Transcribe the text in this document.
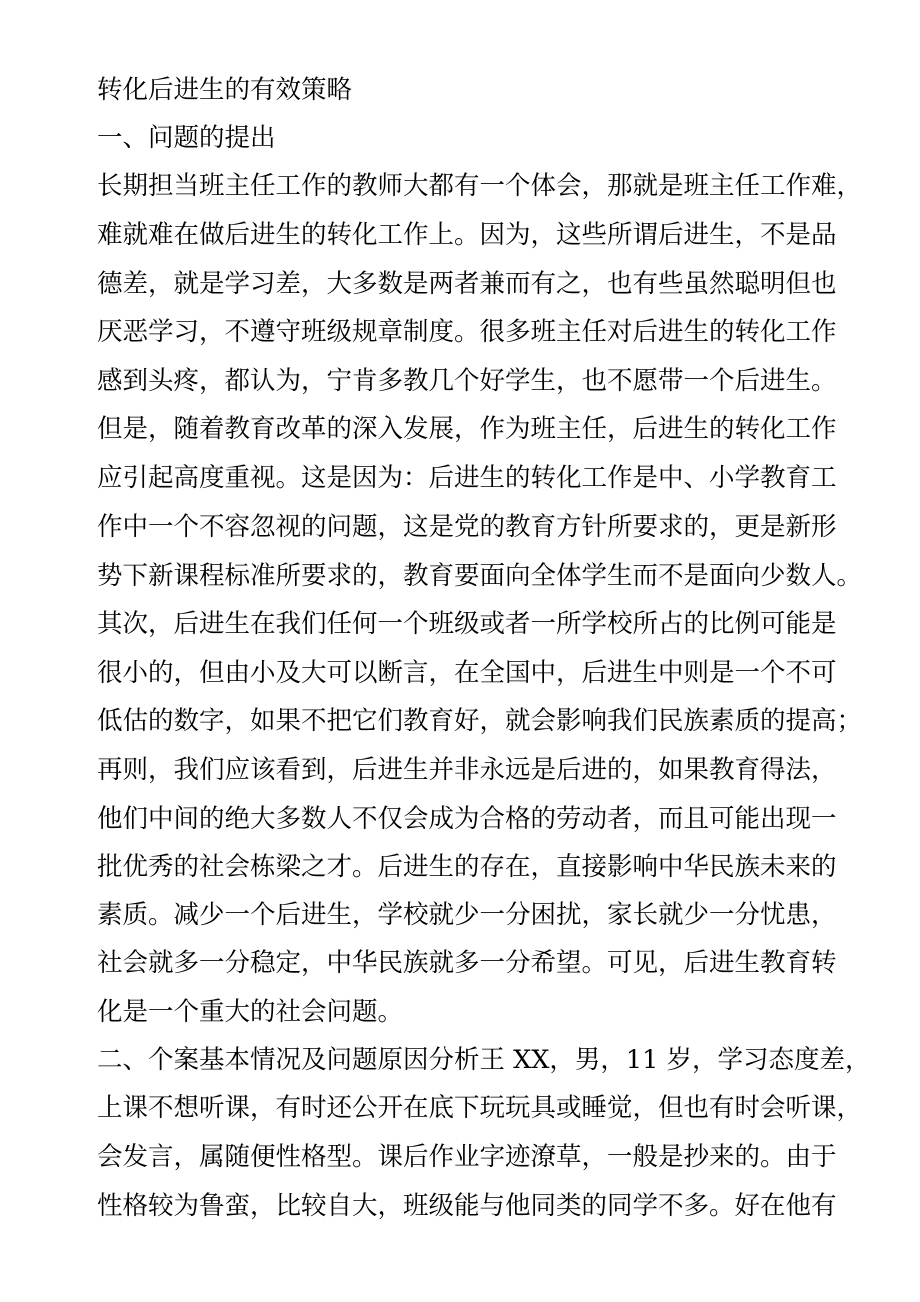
转化后进生的有效策略
一、问题的提出
长期担当班主任工作的教师大都有一个体会，那就是班主任工作难，
难就难在做后进生的转化工作上。因为，这些所谓后进生，不是品
德差，就是学习差，大多数是两者兼而有之，也有些虽然聪明但也
厌恶学习，不遵守班级规章制度。很多班主任对后进生的转化工作
感到头疼，都认为，宁肯多教几个好学生，也不愿带一个后进生。
但是，随着教育改革的深入发展，作为班主任，后进生的转化工作
应引起高度重视。这是因为：后进生的转化工作是中、小学教育工
作中一个不容忽视的问题，这是党的教育方针所要求的，更是新形
势下新课程标准所要求的，教育要面向全体学生而不是面向少数人。
其次，后进生在我们任何一个班级或者一所学校所占的比例可能是
很小的，但由小及大可以断言，在全国中，后进生中则是一个不可
低估的数字，如果不把它们教育好，就会影响我们民族素质的提高；
再则，我们应该看到，后进生并非永远是后进的，如果教育得法，
他们中间的绝大多数人不仅会成为合格的劳动者，而且可能出现一
批优秀的社会栋梁之才。后进生的存在，直接影响中华民族未来的
素质。减少一个后进生，学校就少一分困扰，家长就少一分忧患，
社会就多一分稳定，中华民族就多一分希望。可见，后进生教育转
化是一个重大的社会问题。
二、个案基本情况及问题原因分析王 XX，男，11 岁，学习态度差，
上课不想听课，有时还公开在底下玩玩具或睡觉，但也有时会听课，
会发言，属随便性格型。课后作业字迹潦草，一般是抄来的。由于
性格较为鲁蛮，比较自大，班级能与他同类的同学不多。好在他有
